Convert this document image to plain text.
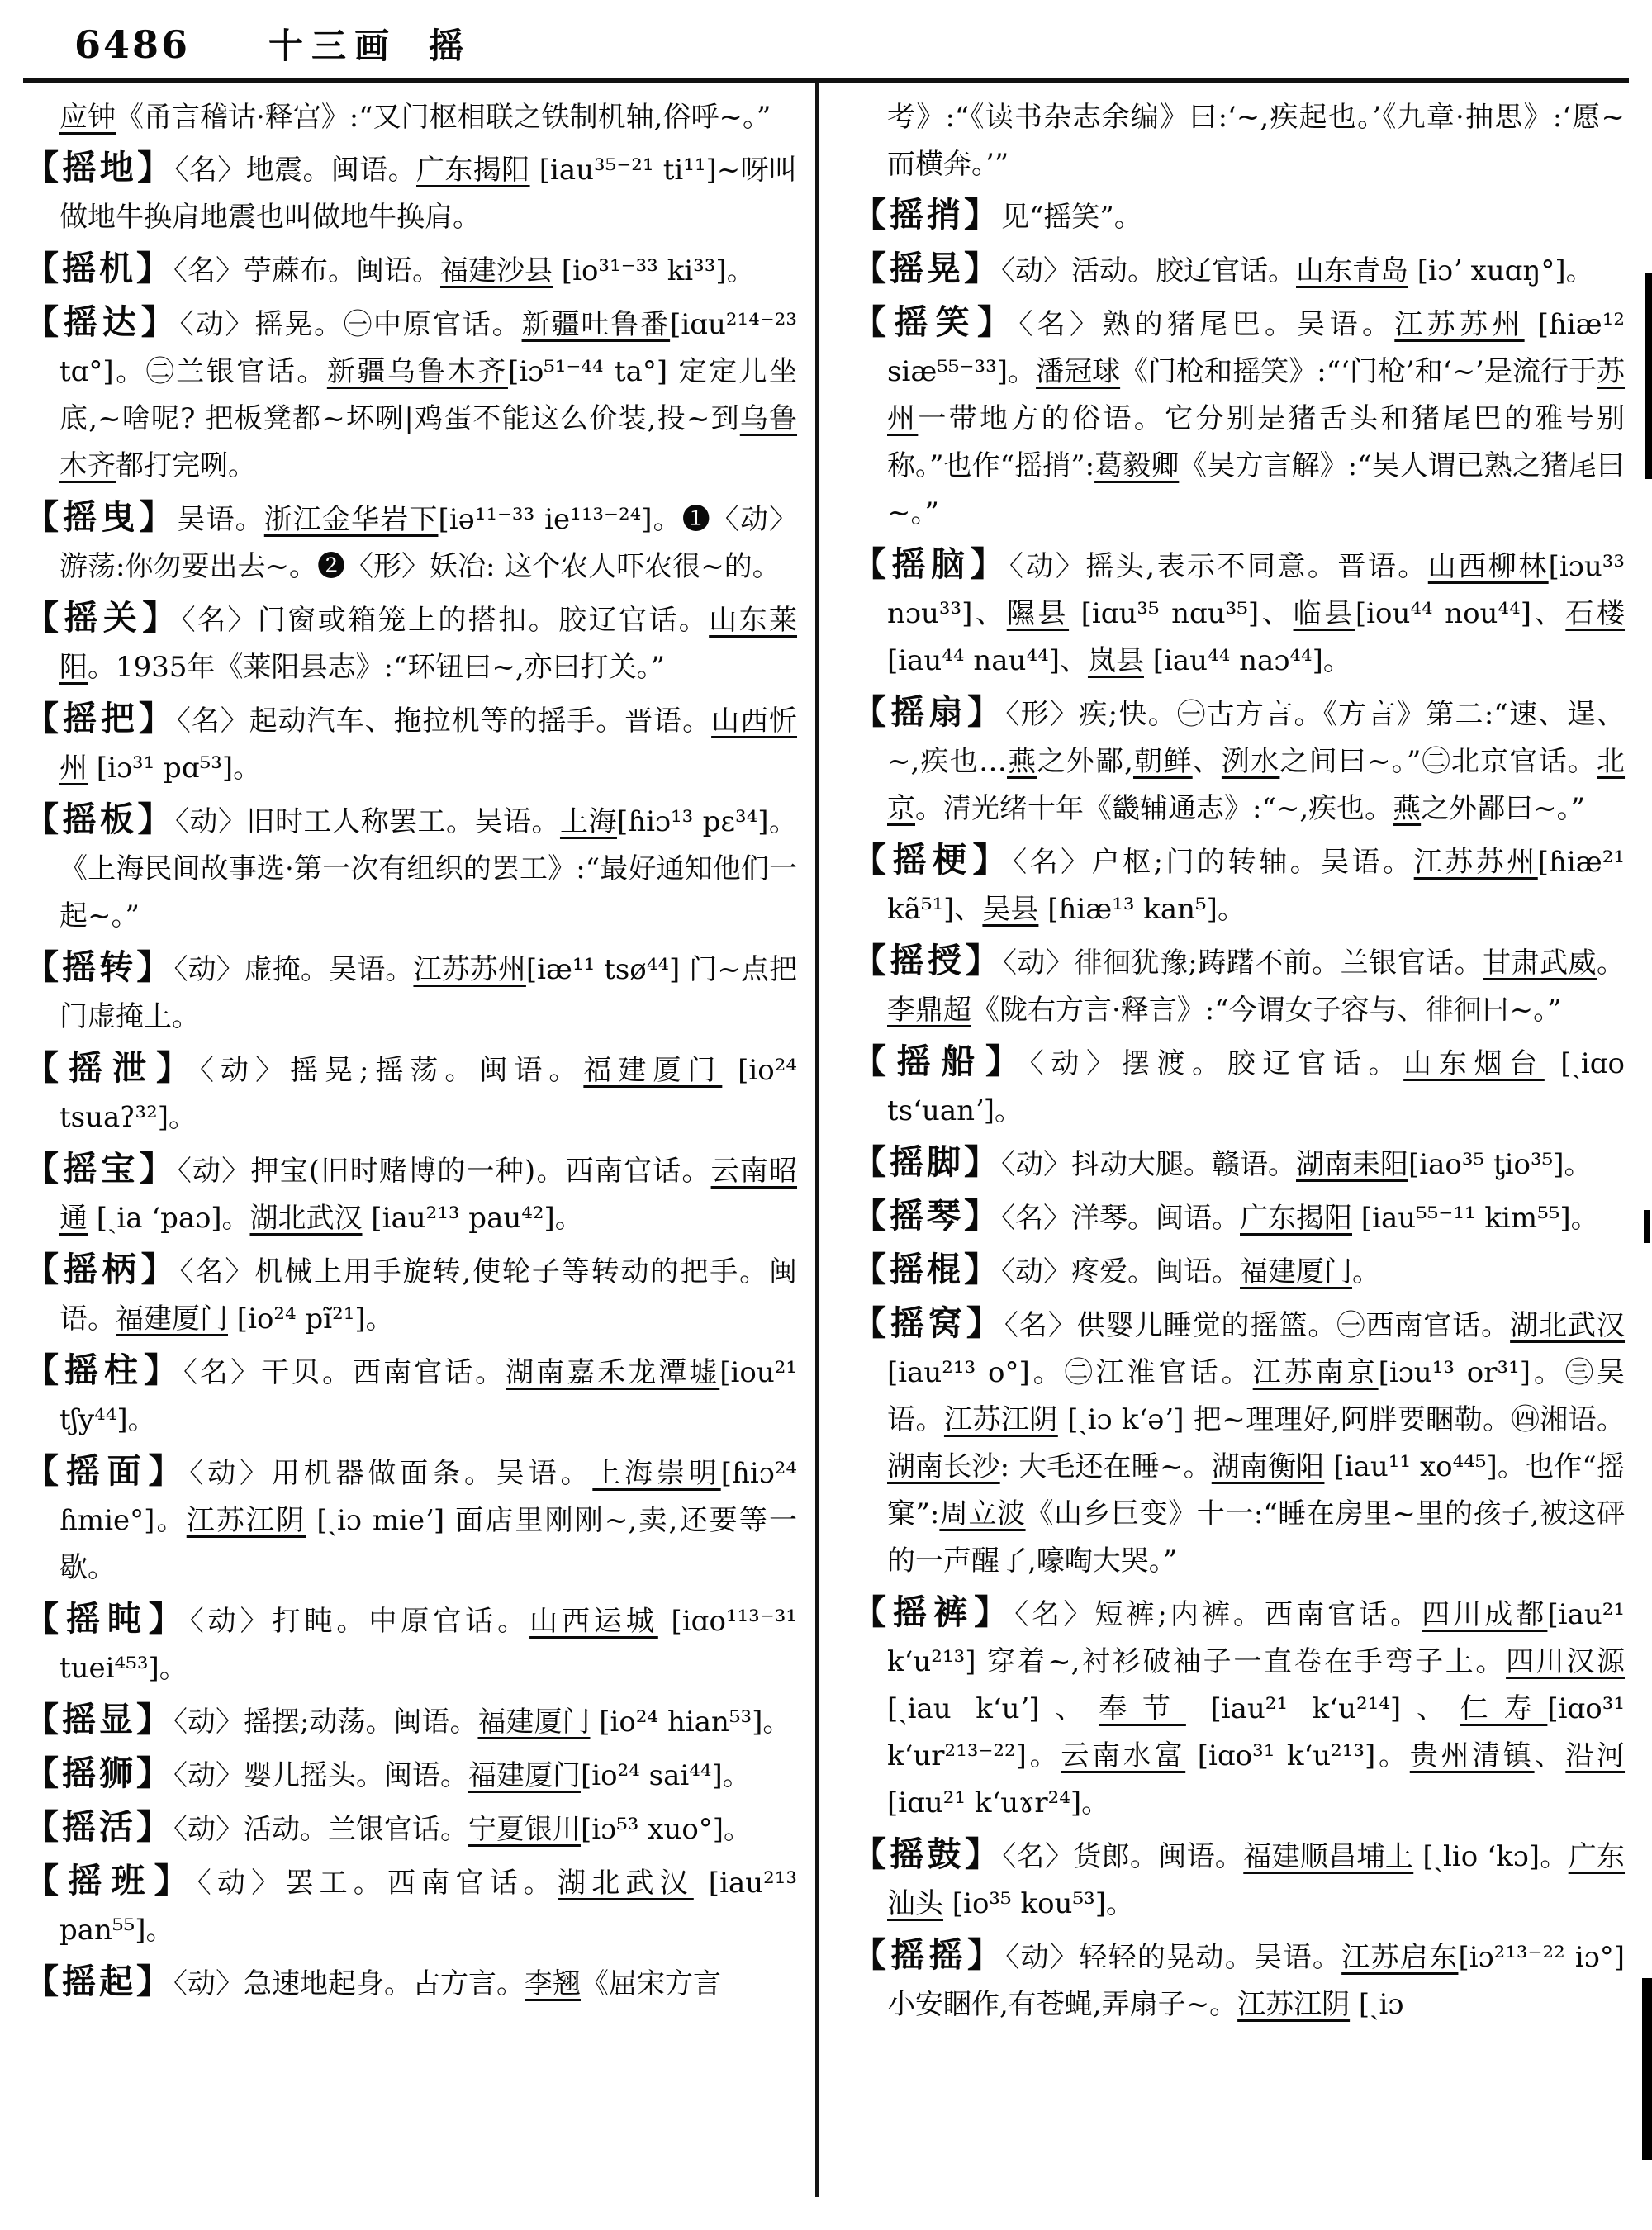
6486 十三画 摇
应钟《甬言稽诂·释宫》:“又门枢相联之铁制机轴,俗呼~。”
【摇地】〈名〉地震。闽语。广东揭阳 [iau³⁵⁻²¹ ti¹¹]~呀叫做地牛换肩地震也叫做地牛换肩。
【摇机】〈名〉苧蔴布。闽语。福建沙县 [io³¹⁻³³ ki³³]。
【摇达】〈动〉摇晃。㊀中原官话。新疆吐鲁番[iɑu²¹⁴⁻²³ tɑ°]。㊁兰银官话。新疆乌鲁木齐[iɔ⁵¹⁻⁴⁴ ta°] 定定儿坐底,~啥呢? 把板凳都~坏咧|鸡蛋不能这么价装,投~到乌鲁木齐都打完咧。
【摇曳】吴语。浙江金华岩下[iə¹¹⁻³³ ie¹¹³⁻²⁴]。❶〈动〉游荡:你勿要出去~。❷〈形〉妖冶: 这个农人吓农很~的。
【摇关】〈名〉门窗或箱笼上的搭扣。胶辽官话。山东莱阳。1935年《莱阳县志》:“环钮曰~,亦曰打关。”
【摇把】〈名〉起动汽车、拖拉机等的摇手。晋语。山西忻州 [iɔ³¹ pɑ⁵³]。
【摇板】〈动〉旧时工人称罢工。吴语。上海[ɦiɔ¹³ pɛ³⁴]。《上海民间故事选·第一次有组织的罢工》:“最好通知他们一起~。”
【摇转】〈动〉虚掩。吴语。江苏苏州[iæ¹¹ tsø⁴⁴] 门~点把门虚掩上。
【摇泄】〈动〉摇晃;摇荡。闽语。福建厦门 [io²⁴ tsuaʔ³²]。
【摇宝】〈动〉押宝(旧时赌博的一种)。西南官话。云南昭通 [ˎia ʻpaɔ]。湖北武汉 [iau²¹³ pau⁴²]。
【摇柄】〈名〉机械上用手旋转,使轮子等转动的把手。闽语。福建厦门 [io²⁴ pĩ²¹]。
【摇柱】〈名〉干贝。西南官话。湖南嘉禾龙潭墟[iou²¹ tʃy⁴⁴]。
【摇面】〈动〉用机器做面条。吴语。上海崇明[ɦiɔ²⁴ ɦmie°]。江苏江阴 [ˎiɔ mieʼ] 面店里刚刚~,卖,还要等一歇。
【摇盹】〈动〉打盹。中原官话。山西运城 [iɑo¹¹³⁻³¹ tuei⁴⁵³]。
【摇显】〈动〉摇摆;动荡。闽语。福建厦门 [io²⁴ hian⁵³]。
【摇狮】〈动〉婴儿摇头。闽语。福建厦门[io²⁴ sai⁴⁴]。
【摇活】〈动〉活动。兰银官话。宁夏银川[iɔ⁵³ xuo°]。
【摇班】〈动〉罢工。西南官话。湖北武汉 [iau²¹³ pan⁵⁵]。
【摇起】〈动〉急速地起身。古方言。李翘《屈宋方言
考》:“《读书杂志余编》曰:‘~,疾起也。’《九章·抽思》:‘愿~而横奔。’”
【摇捎】见“摇笑”。
【摇晃】〈动〉活动。胶辽官话。山东青岛 [iɔʼ xuɑŋ°]。
【摇笑】〈名〉熟的猪尾巴。吴语。江苏苏州 [ɦiæ¹² siæ⁵⁵⁻³³]。潘冠球《门枪和摇笑》:“‘门枪’和‘~’是流行于苏州一带地方的俗语。它分别是猪舌头和猪尾巴的雅号别称。”也作“摇捎”:葛毅卿《吴方言解》:“吴人谓已熟之猪尾曰~。”
【摇脑】〈动〉摇头,表示不同意。晋语。山西柳林[iɔu³³ nɔu³³]、隰县 [iɑu³⁵ nɑu³⁵]、临县[iou⁴⁴ nou⁴⁴]、石楼 [iau⁴⁴ nau⁴⁴]、岚县 [iau⁴⁴ naɔ⁴⁴]。
【摇扇】〈形〉疾;快。㊀古方言。《方言》第二:“速、逞、~,疾也…燕之外鄙,朝鲜、洌水之间曰~。”㊁北京官话。北京。清光绪十年《畿辅通志》:“~,疾也。燕之外鄙曰~。”
【摇梗】〈名〉户枢;门的转轴。吴语。江苏苏州[ɦiæ²¹ kã⁵¹]、吴县 [ɦiæ¹³ kan⁵]。
【摇授】〈动〉徘徊犹豫;踌躇不前。兰银官话。甘肃武威。李鼎超《陇右方言·释言》:“今谓女子容与、徘徊曰~。”
【摇船】〈动〉摆渡。胶辽官话。山东烟台 [ˎiɑo tsʻuanʼ]。
【摇脚】〈动〉抖动大腿。赣语。湖南耒阳[iao³⁵ ƫio³⁵]。
【摇琴】〈名〉洋琴。闽语。广东揭阳 [iau⁵⁵⁻¹¹ kim⁵⁵]。
【摇棍】〈动〉疼爱。闽语。福建厦门。
【摇窝】〈名〉供婴儿睡觉的摇篮。㊀西南官话。湖北武汉 [iau²¹³ o°]。㊁江淮官话。江苏南京[iɔu¹³ or³¹]。㊂吴语。江苏江阴 [ˎiɔ kʻəʼ] 把~理理好,阿胖要睏勒。㊃湘语。湖南长沙: 大毛还在睡~。湖南衡阳 [iau¹¹ xo⁴⁴⁵]。也作“摇窠”:周立波《山乡巨变》十一:“睡在房里~里的孩子,被这砰的一声醒了,嚎啕大哭。”
【摇裤】〈名〉短裤;内裤。西南官话。四川成都[iau²¹ kʻu²¹³] 穿着~,衬衫破袖子一直卷在手弯子上。四川汉源[ˎiau kʻuʼ]、奉节 [iau²¹ kʻu²¹⁴]、仁寿[iɑo³¹ kʻur²¹³⁻²²]。云南水富 [iɑo³¹ kʻu²¹³]。贵州清镇、沿河 [iɑu²¹ kʻuɤr²⁴]。
【摇鼓】〈名〉货郎。闽语。福建顺昌埔上 [ˎlio ʻkɔ]。广东汕头 [io³⁵ kou⁵³]。
【摇摇】〈动〉轻轻的晃动。吴语。江苏启东[iɔ²¹³⁻²² iɔ°] 小安睏作,有苍蝇,弄扇子~。江苏江阴 [ˎiɔ
